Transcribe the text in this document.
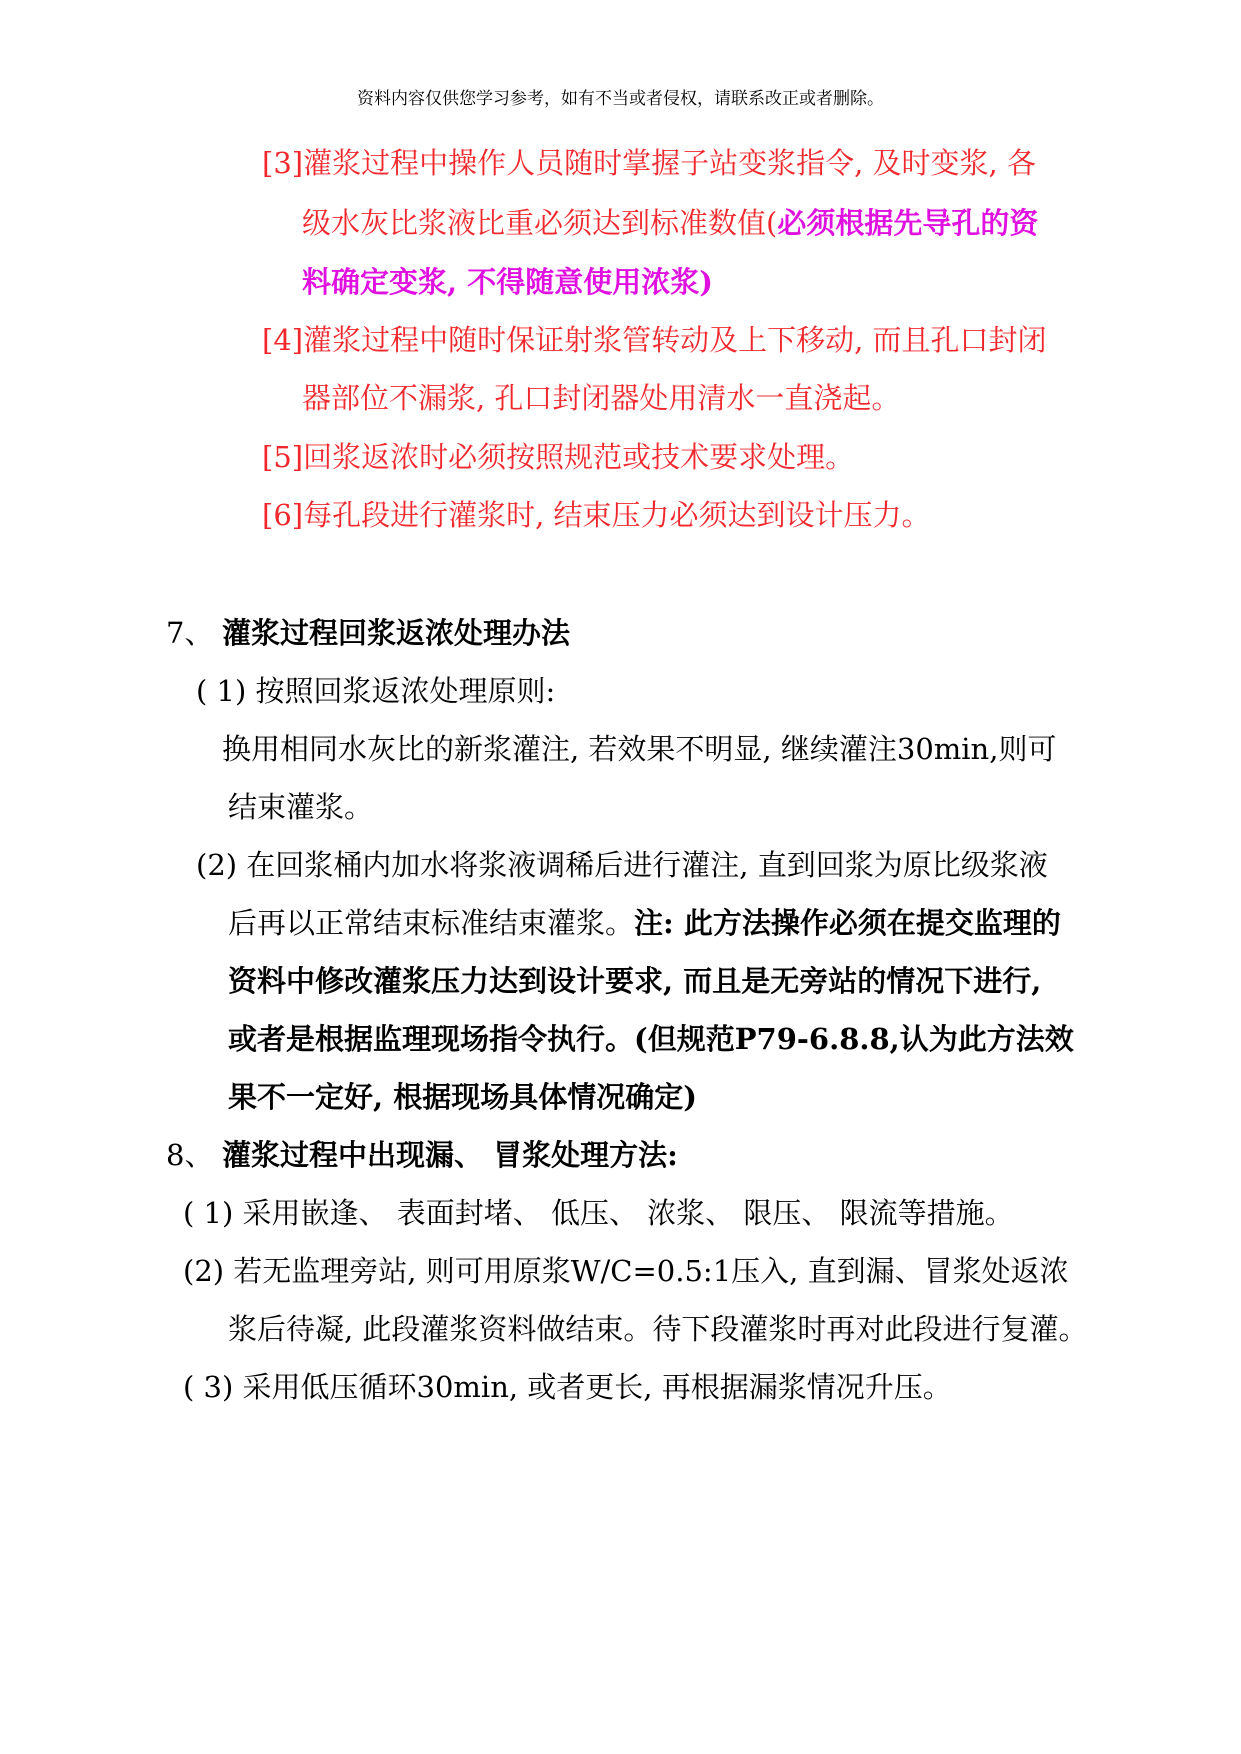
资料内容仅供您学习参考，如有不当或者侵权，请联系改正或者删除。
[3]灌浆过程中操作人员随时掌握子站变浆指令, 及时变浆, 各
级水灰比浆液比重必须达到标准数值(必须根据先导孔的资
料确定变浆, 不得随意使用浓浆)
[4]灌浆过程中随时保证射浆管转动及上下移动, 而且孔口封闭
器部位不漏浆, 孔口封闭器处用清水一直浇起。
[5]回浆返浓时必须按照规范或技术要求处理。
[6]每孔段进行灌浆时, 结束压力必须达到设计压力。
7、 灌浆过程回浆返浓处理办法
( 1) 按照回浆返浓处理原则:
换用相同水灰比的新浆灌注, 若效果不明显, 继续灌注30min,则可
结束灌浆。
(2) 在回浆桶内加水将浆液调稀后进行灌注, 直到回浆为原比级浆液
后再以正常结束标准结束灌浆。注: 此方法操作必须在提交监理的
资料中修改灌浆压力达到设计要求, 而且是无旁站的情况下进行,
或者是根据监理现场指令执行。(但规范P79-6.8.8,认为此方法效
果不一定好, 根据现场具体情况确定)
8、 灌浆过程中出现漏、 冒浆处理方法:
( 1) 采用嵌逢、 表面封堵、 低压、 浓浆、 限压、 限流等措施。
(2) 若无监理旁站, 则可用原浆W/C=0.5:1压入, 直到漏、冒浆处返浓
浆后待凝, 此段灌浆资料做结束。待下段灌浆时再对此段进行复灌。
( 3) 采用低压循环30min, 或者更长, 再根据漏浆情况升压。
